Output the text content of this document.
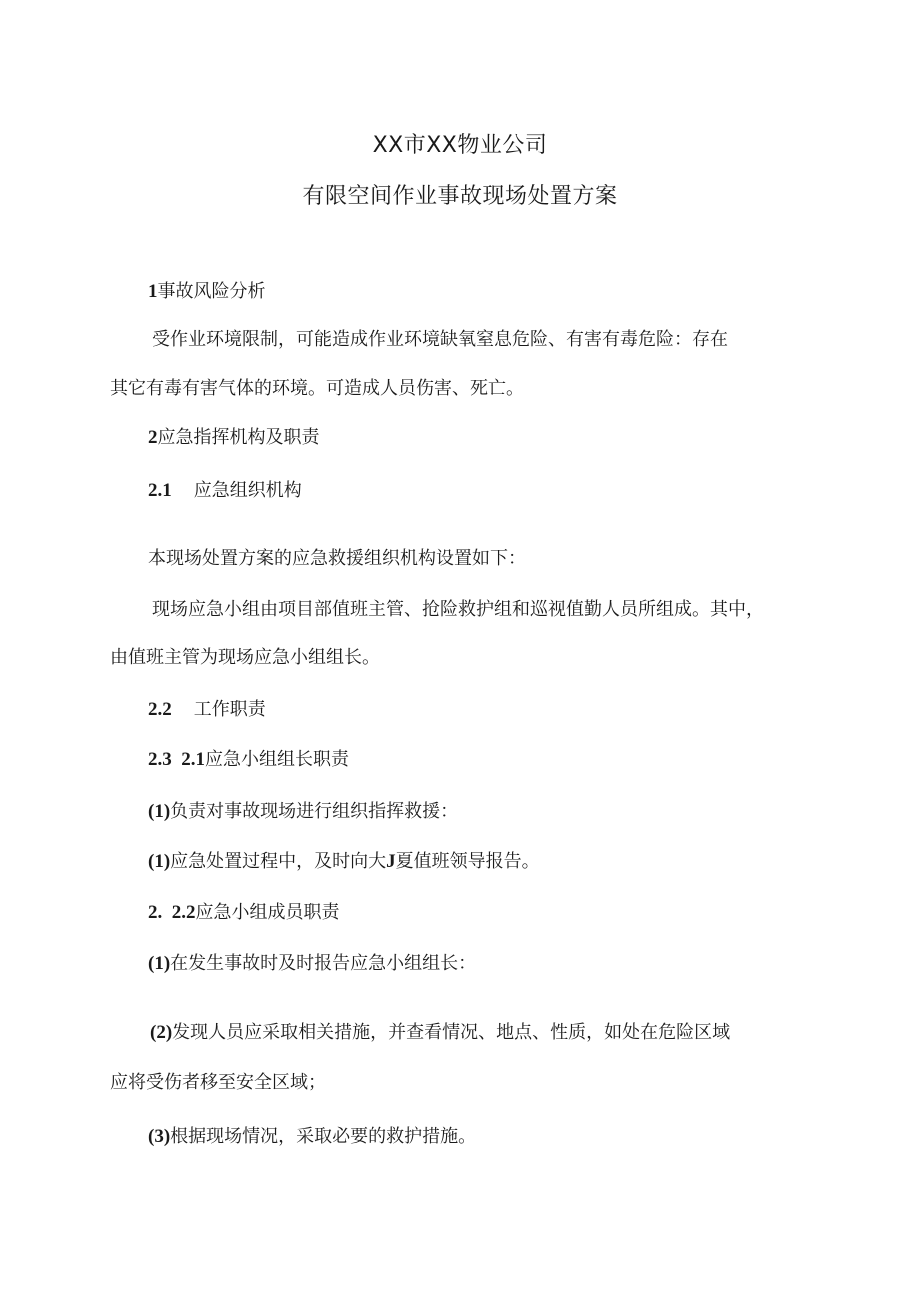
XX市XX物业公司
有限空间作业事故现场处置方案
1事故风险分析
受作业环境限制，可能造成作业环境缺氧窒息危险、有害有毒危险：存在
其它有毒有害气体的环境。可造成人员伤害、死亡。
2应急指挥机构及职责
2.1 应急组织机构
本现场处置方案的应急救援组织机构设置如下：
现场应急小组由项目部值班主管、抢险救护组和巡视值勤人员所组成。其中，
由值班主管为现场应急小组组长。
2.2 工作职责
2.3  2.1应急小组组长职责
(1)负责对事故现场进行组织指挥救援：
(1)应急处置过程中，及时向大J夏值班领导报告。
2.  2.2应急小组成员职责
(1)在发生事故时及时报告应急小组组长：
(2)发现人员应采取相关措施，并查看情况、地点、性质，如处在危险区域
应将受伤者移至安全区域；
(3)根据现场情况，采取必要的救护措施。
